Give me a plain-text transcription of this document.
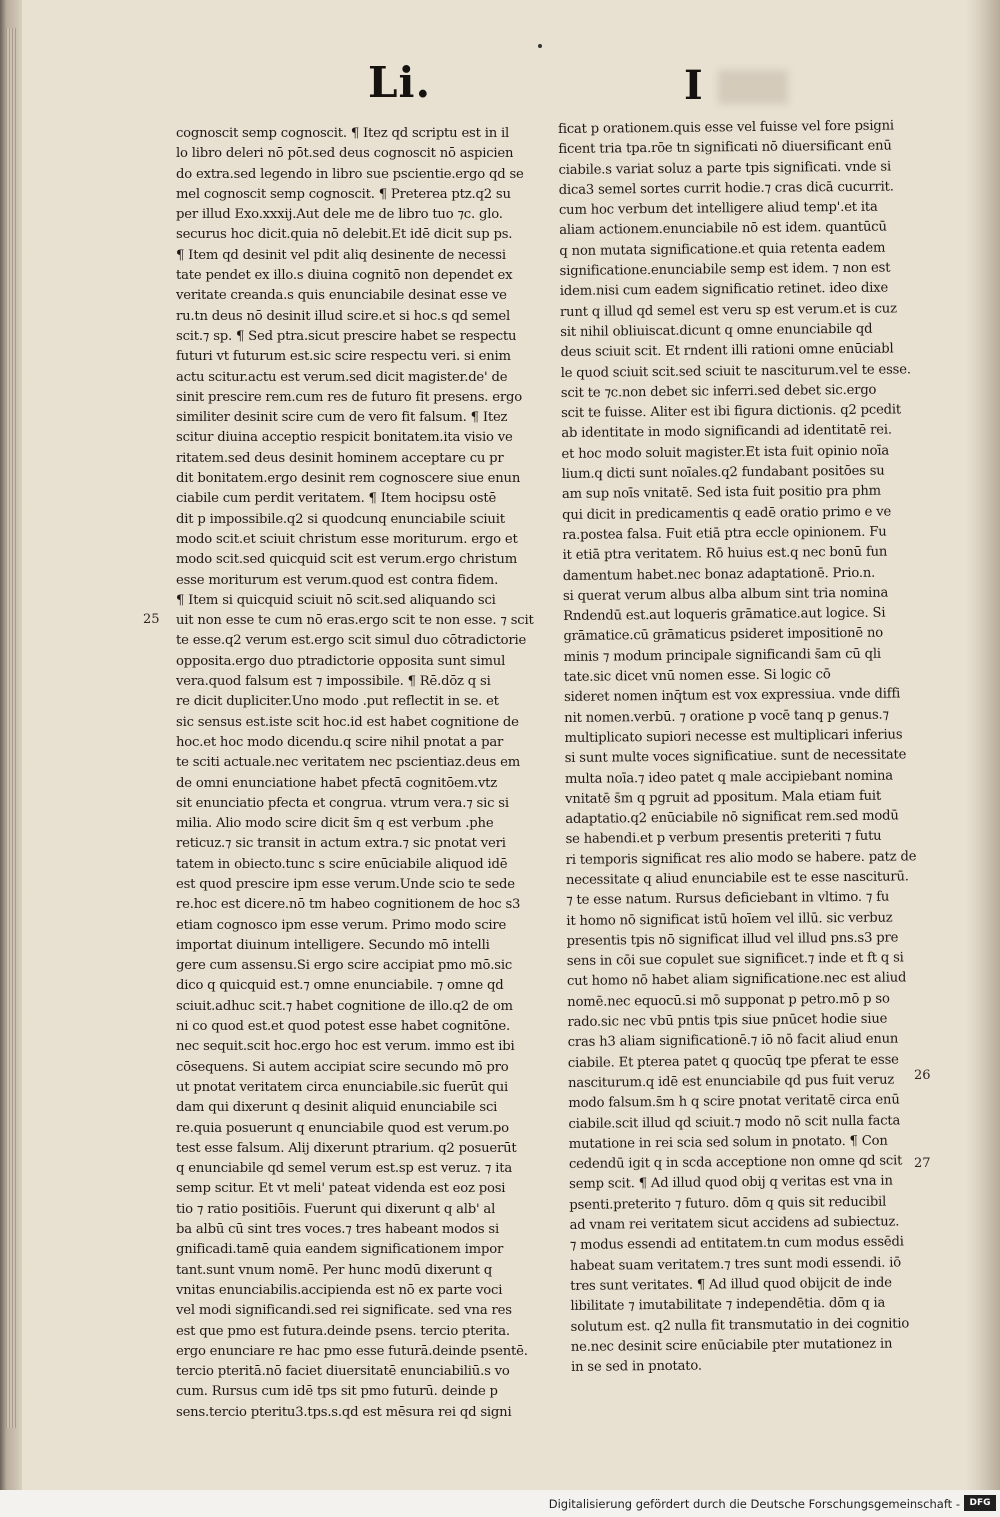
Li.	I
cognoscit semp cognoscit. ¶ Itez qd scriptu est in il
lo libro deleri nō pōt.sed deus cognoscit nō aspicien
do extra.sed legendo in libro sue pscientie.ergo qd se
mel cognoscit semp cognoscit. ¶ Preterea ptz.q2 su
per illud Exo.xxxij.Aut dele me de libro tuo ⁊c. glo.
securus hoc dicit.quia nō delebit.Et idē dicit sup ps.
¶ Item qd desinit vel pdit aliq desinente de necessi
tate pendet ex illo.s diuina cognitō non dependet ex
veritate creanda.s quis enunciabile desinat esse ve
ru.tn deus nō desinit illud scire.et si hoc.s qd semel
scit.⁊ sp. ¶ Sed ptra.sicut prescire habet se respectu
futuri vt futurum est.sic scire respectu veri. si enim
actu scitur.actu est verum.sed dicit magister.de' de
sinit prescire rem.cum res de futuro fit presens. ergo
similiter desinit scire cum de vero fit falsum. ¶ Itez
scitur diuina acceptio respicit bonitatem.ita visio ve
ritatem.sed deus desinit hominem acceptare cu pr
dit bonitatem.ergo desinit rem cognoscere siue enun
ciabile cum perdit veritatem. ¶ Item hocipsu ostē
dit p impossibile.q2 si quodcunq enunciabile sciuit
modo scit.et sciuit christum esse moriturum. ergo et
modo scit.sed quicquid scit est verum.ergo christum
esse moriturum est verum.quod est contra fidem.
¶ Item si quicquid sciuit nō scit.sed aliquando sci
uit non esse te cum nō eras.ergo scit te non esse. ⁊ scit
te esse.q2 verum est.ergo scit simul duo cōtradictorie
opposita.ergo duo ptradictorie opposita sunt simul
vera.quod falsum est ⁊ impossibile. ¶ Rē.dōz q si
re dicit dupliciter.Uno modo .put reflectit in se. et
sic sensus est.iste scit hoc.id est habet cognitione de
hoc.et hoc modo dicendu.q scire nihil pnotat a par
te sciti actuale.nec veritatem nec pscientiaz.deus em
de omni enunciatione habet pfectā cognitōem.vtz
sit enunciatio pfecta et congrua. vtrum vera.⁊ sic si
milia. Alio modo scire dicit s̄m q est verbum .phe
reticuz.⁊ sic transit in actum extra.⁊ sic pnotat veri
tatem in obiecto.tunc s scire enūciabile aliquod idē
est quod prescire ipm esse verum.Unde scio te sede
re.hoc est dicere.nō tm habeo cognitionem de hoc s3
etiam cognosco ipm esse verum. Primo modo scire
importat diuinum intelligere. Secundo mō intelli
gere cum assensu.Si ergo scire accipiat pmo mō.sic
dico q quicquid est.⁊ omne enunciabile. ⁊ omne qd
sciuit.adhuc scit.⁊ habet cognitione de illo.q2 de om
ni co quod est.et quod potest esse habet cognitōne.
nec sequit.scit hoc.ergo hoc est verum. immo est ibi
cōsequens. Si autem accipiat scire secundo mō pro
ut pnotat veritatem circa enunciabile.sic fuerūt qui
dam qui dixerunt q desinit aliquid enunciabile sci
re.quia posuerunt q enunciabile quod est verum.po
test esse falsum. Alij dixerunt ptrarium. q2 posuerūt
q enunciabile qd semel verum est.sp est veruz. ⁊ ita
semp scitur. Et vt meli' pateat videnda est eoz posi
tio ⁊ ratio positiōis. Fuerunt qui dixerunt q alb' al
ba albū cū sint tres voces.⁊ tres habeant modos si
gnificadi.tamē quia eandem significationem impor
tant.sunt vnum nomē. Per hunc modū dixerunt q
vnitas enunciabilis.accipienda est nō ex parte voci
vel modi significandi.sed rei significate. sed vna res
est que pmo est futura.deinde psens. tercio pterita.
ergo enunciare re hac pmo esse futurā.deinde psentē.
tercio pteritā.nō faciet diuersitatē enunciabiliū.s vo
cum. Rursus cum idē tps sit pmo futurū. deinde p
sens.tercio pteritu3.tps.s.qd est mēsura rei qd signi
ficat p orationem.quis esse vel fuisse vel fore psigni
ficent tria tpa.rōe tn significati nō diuersificant enū
ciabile.s variat soluz a parte tpis significati. vnde si
dica3 semel sortes currit hodie.⁊ cras dicā cucurrit.
cum hoc verbum det intelligere aliud temp'.et ita
aliam actionem.enunciabile nō est idem. quantūcū
q non mutata significatione.et quia retenta eadem
significatione.enunciabile semp est idem. ⁊ non est
idem.nisi cum eadem significatio retinet. ideo dixe
runt q illud qd semel est veru sp est verum.et is cuz
sit nihil obliuiscat.dicunt q omne enunciabile qd
deus sciuit scit. Et rndent illi rationi omne enūciabl
le quod sciuit scit.sed sciuit te nasciturum.vel te esse.
scit te ⁊c.non debet sic inferri.sed debet sic.ergo
scit te fuisse. Aliter est ibi figura dictionis. q2 pcedit
ab identitate in modo significandi ad identitatē rei.
et hoc modo soluit magister.Et ista fuit opinio noīa
lium.q dicti sunt noīales.q2 fundabant positōes su
am sup noīs vnitatē. Sed ista fuit positio pra phm
qui dicit in predicamentis q eadē oratio primo e ve
ra.postea falsa. Fuit etiā ptra eccle opinionem. Fu
it etiā ptra veritatem. Rō huius est.q nec bonū fun
damentum habet.nec bonaz adaptationē. Prio.n.
si querat verum albus alba album sint tria nomina
Rndendū est.aut loqueris grāmatice.aut logice. Si
grāmatice.cū grāmaticus psideret impositionē no
minis ⁊ modum principale significandi s̄am cū qli
tate.sic dicet vnū nomen esse. Si logic cō
sideret nomen inq̄tum est vox expressiua. vnde diffi
nit nomen.verbū. ⁊ oratione p vocē tanq p genus.⁊
multiplicato supiori necesse est multiplicari inferius
si sunt multe voces significatiue. sunt de necessitate
multa noīa.⁊ ideo patet q male accipiebant nomina
vnitatē s̄m q pgruit ad ppositum. Mala etiam fuit
adaptatio.q2 enūciabile nō significat rem.sed modū
se habendi.et p verbum presentis preteriti ⁊ futu
ri temporis significat res alio modo se habere. patz de
necessitate q aliud enunciabile est te esse nasciturū.
⁊ te esse natum. Rursus deficiebant in vltimo. ⁊ fu
it homo nō significat istū hoīem vel illū. sic verbuz
presentis tpis nō significat illud vel illud pns.s3 pre
sens in cōi sue copulet sue significet.⁊ inde et ft q si
cut homo nō habet aliam significatione.nec est aliud
nomē.nec equocū.si mō supponat p petro.mō p so
rado.sic nec vbū pntis tpis siue pnūcet hodie siue
cras h3 aliam significationē.⁊ iō nō facit aliud enun
ciabile. Et pterea patet q quocūq tpe pferat te esse
nasciturum.q idē est enunciabile qd pus fuit veruz
modo falsum.s̄m h q scire pnotat veritatē circa enū
ciabile.scit illud qd sciuit.⁊ modo nō scit nulla facta
mutatione in rei scia sed solum in pnotato. ¶ Con
cedendū igit q in scda acceptione non omne qd scit
semp scit. ¶ Ad illud quod obij q veritas est vna in
psenti.preterito ⁊ futuro. dōm q quis sit reducibil
ad vnam rei veritatem sicut accidens ad subiectuz.
⁊ modus essendi ad entitatem.tn cum modus essēdi
habeat suam veritatem.⁊ tres sunt modi essendi. iō
tres sunt veritates. ¶ Ad illud quod obijcit de inde
libilitate ⁊ imutabilitate ⁊ independētia. dōm q ia
solutum est. q2 nulla fit transmutatio in dei cognitio
ne.nec desinit scire enūciabile pter mutationez in
in se sed in pnotato.
25
26
27
Digitalisierung gefördert durch die Deutsche Forschungsgemeinschaft -	DFG
